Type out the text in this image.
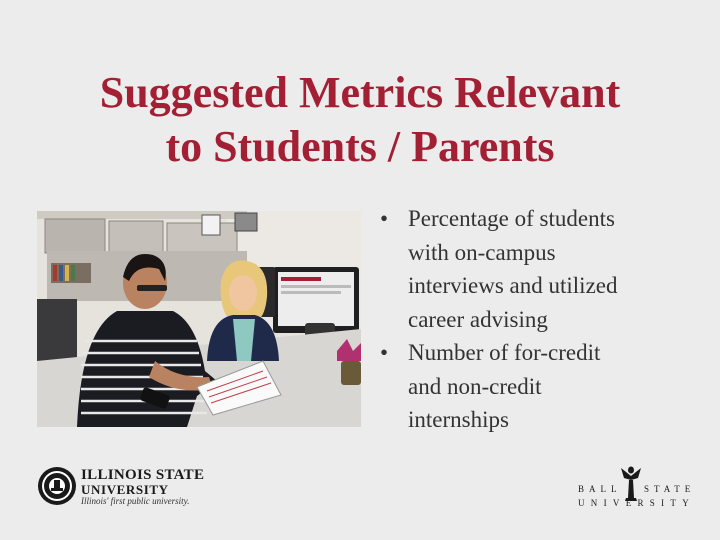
Suggested Metrics Relevant
to Students / Parents
• Percentage of students
with on-campus
interviews and utilized
career advising
• Number of for-credit
and non-credit
internships
ILLINOIS STATE
UNIVERSITY
Illinois' first public university.
BALL	STATE
UNIVERSITY
